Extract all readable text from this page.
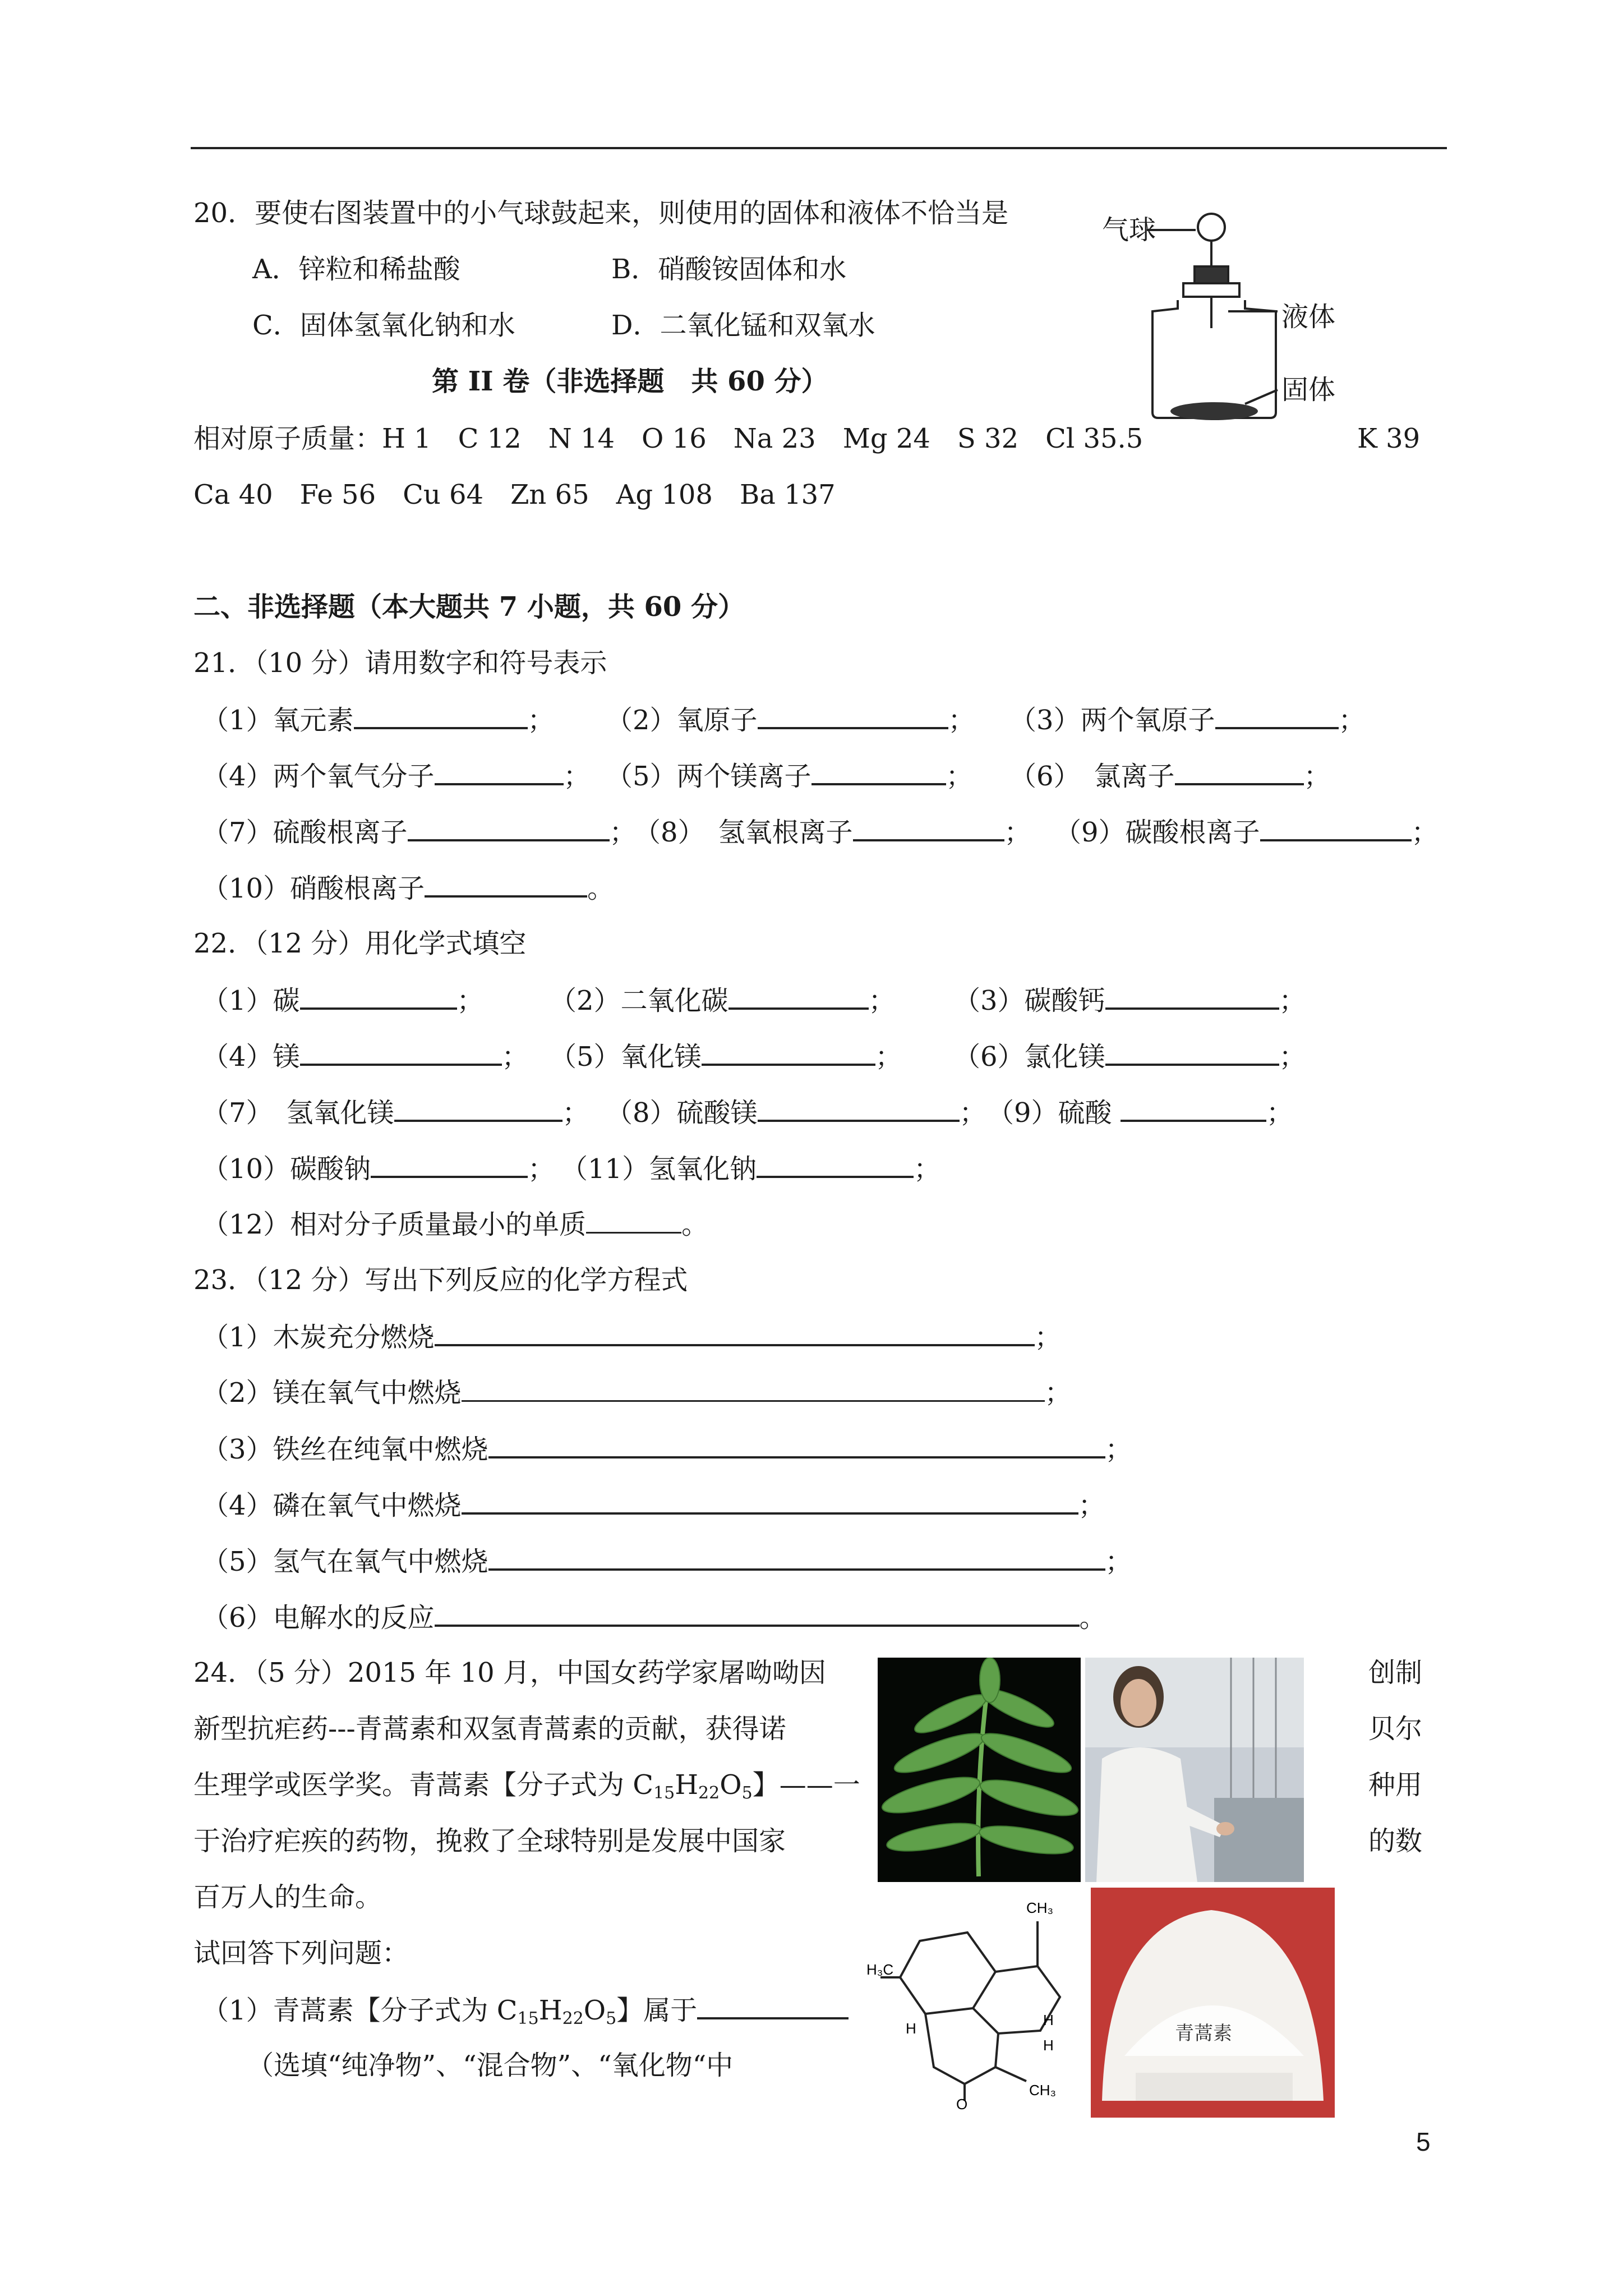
20．要使右图装置中的小气球鼓起来，则使用的固体和液体不恰当是
A．锌粒和稀盐酸	B．硝酸铵固体和水
C．固体氢氧化钠和水	D．二氧化锰和双氧水
气球
液体
固体
第 II 卷（非选择题　共 60 分）
相对原子质量：H 1　C 12　N 14　O 16　Na 23　Mg 24　S 32　Cl 35.5	K 39
Ca 40　Fe 56　Cu 64　Zn 65　Ag 108　Ba 137
二、非选择题（本大题共 7 小题，共 60 分）
21．（10 分）请用数字和符号表示
（1）氧元素	； （2）氧原子	； （3）两个氧原子	；
（4）两个氧气分子	； （5）两个镁离子	； （6）　氯离子	；
（7）硫酸根离子	；
（8）　氢氧根离子	； （9）碳酸根离子	；
（10）硝酸根离子	。
22．（12 分）用化学式填空
（1）碳	； （2）二氧化碳	； （3）碳酸钙	；
（4）镁	； （5）氧化镁	； （6）氯化镁	；
（7）　氢氧化镁	； （8）硫酸镁	； （9）硫酸	；
（10）碳酸钠	； （11）氢氧化钠	；
（12）相对分子质量最小的单质	。
23．（12 分）写出下列反应的化学方程式
（1）木炭充分燃烧	；
（2）镁在氧气中燃烧	；
（3）铁丝在纯氧中燃烧	；
（4）磷在氧气中燃烧	；
（5）氢气在氧气中燃烧	；
（6）电解水的反应	。
24．（5 分）2015 年 10 月，中国女药学家屠呦呦因	创制
新型抗疟药---青蒿素和双氢青蒿素的贡献，获得诺	贝尔
生理学或医学奖。青蒿素【分子式为 $C_{15}H_{22}O_5$】——一	种用
于治疗疟疾的药物，挽救了全球特别是发展中国家	的数
百万人的生命。
试回答下列问题：
（1）青蒿素【分子式为 $C_{15}H_{22}O_5$】属于
（选填“纯净物”、“混合物”、“氧化物“中
CH₃
H₃C
H
H
CH₃
O
H
青蒿素
5
